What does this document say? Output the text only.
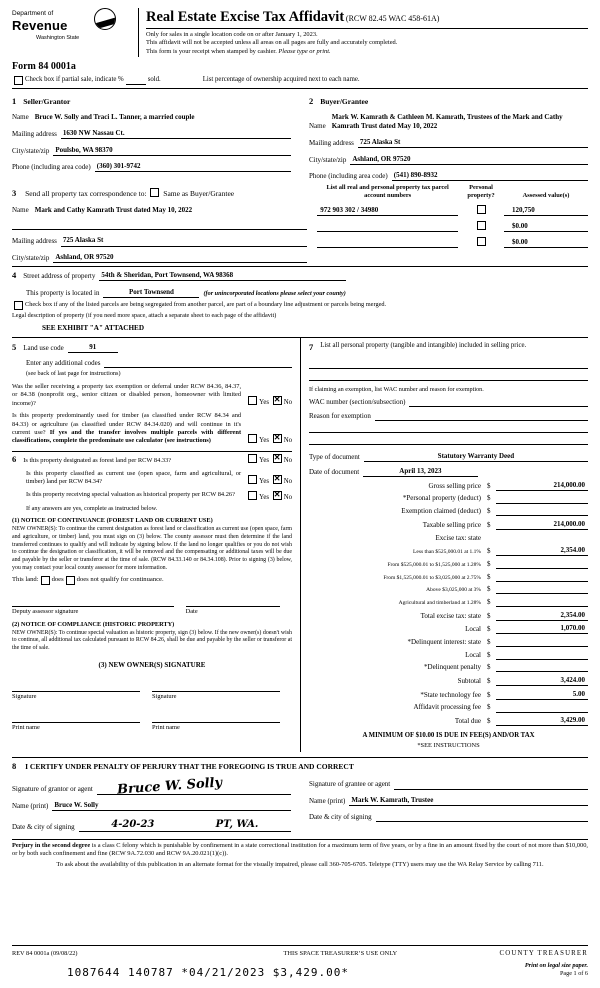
Department of
Revenue
Washington State
Real Estate Excise Tax Affidavit (RCW 82.45 WAC 458-61A)
Only for sales in a single location code on or after January 1, 2023.
This affidavit will not be accepted unless all areas on all pages are fully and accurately completed.
This form is your receipt when stamped by cashier. Please type or print.
Form 84 0001a
Check box if partial sale, indicate %	sold.	List percentage of ownership acquired next to each name.
1 Seller/Grantor
Name Bruce W. Solly and Traci L. Tanner, a married couple
Mailing address 1630 NW Nassau Ct.
City/state/zip Poulsbo, WA 98370
Phone (including area code) (360) 301-9742
2 Buyer/Grantee
Name
Mark W. Kamrath & Cathleen M. Kamrath, Trustees of the Mark and Cathy Kamrath Trust dated May 10, 2022
Mailing address 725 Alaska St
City/state/zip Ashland, OR 97520
Phone (including area code) (541) 890-8932
3 Send all property tax correspondence to: Same as Buyer/Grantee
Name Mark and Cathy Kamrath Trust dated May 10, 2022
Mailing address 725 Alaska St
City/state/zip Ashland, OR 97520
List all real and personal property tax parcel account numbers
Personal property?	Assessed value(s)
972 903 302 / 34980	120,750
$0.00
$0.00
4 Street address of property 54th & Sheridan, Port Townsend, WA 98368
This property is located in	Port Townsend	(for unincorporated locations please select your county)
Check box if any of the listed parcels are being segregated from another parcel, are part of a boundary line adjustment or parcels being merged.
Legal description of property (if you need more space, attach a separate sheet to each page of the affidavit)
SEE EXHIBIT "A" ATTACHED
5 Land use code	91
Enter any additional codes
(see back of last page for instructions)
Was the seller receiving a property tax exemption or deferral under RCW 84.36, 84.37, or 84.38 (nonprofit org., senior citizen or disabled person, homeowner with limited income)?	Yes ✕ No
Is this property predominantly used for timber (as classified under RCW 84.34 and 84.33) or agriculture (as classified under RCW 84.34.020) and will continue in it's current use? If yes and the transfer involves multiple parcels with different classifications, complete the predominate use calculator (see instructions)	Yes ✕ No
6 Is this property designated as forest land per RCW 84.33?	Yes ✕ No
Is this property classified as current use (open space, farm and agricultural, or timber) land per RCW 84.34?	Yes ✕ No
Is this property receiving special valuation as historical property per RCW 84.26?	Yes ✕ No
If any answers are yes, complete as instructed below.
(1) NOTICE OF CONTINUANCE (FOREST LAND OR CURRENT USE)
NEW OWNER(S): To continue the current designation as forest land or classification as current use (open space, farm and agriculture, or timber) land, you must sign on (3) below. The county assessor must then determine if the land transferred continues to qualify and will indicate by signing below. If the land no longer qualifies or you do not wish to continue the designation or classification, it will be removed and the compensating or additional taxes will be due and payable by the seller or transferor at the time of sale. (RCW 84.33.140 or 84.34.108). Prior to signing (3) below, you may contact your local county assessor for more information.
This land: does does not qualify for continuance.
Deputy assessor signature	Date
(2) NOTICE OF COMPLIANCE (HISTORIC PROPERTY)
NEW OWNER(S): To continue special valuation as historic property, sign (3) below. If the new owner(s) doesn't wish to continue, all additional tax calculated pursuant to RCW 84.26, shall be due and payable by the seller or transferor at the time of sale.
(3) NEW OWNER(S) SIGNATURE
Signature	Signature
Print name	Print name
7 List all personal property (tangible and intangible) included in selling price.
If claiming an exemption, list WAC number and reason for exemption.
WAC number (section/subsection)
Reason for exemption
Type of document	Statutory Warranty Deed
Date of document	April 13, 2023
Gross selling price $	214,000.00
*Personal property (deduct) $
Exemption claimed (deduct) $
Taxable selling price $	214,000.00
Excise tax: state
Less than $525,000.01 at 1.1% $	2,354.00
From $525,000.01 to $1,525,000 at 1.28% $
From $1,525,000.01 to $3,025,000 at 2.75% $
Above $3,025,000 at 3% $
Agricultural and timberland at 1.28% $
Total excise tax: state $	2,354.00
Local $	1,070.00
*Delinquent interest: state $
Local $
*Delinquent penalty $
Subtotal $	3,424.00
*State technology fee $	5.00
Affidavit processing fee $
Total due $	3,429.00
A MINIMUM OF $10.00 IS DUE IN FEE(S) AND/OR TAX
*SEE INSTRUCTIONS
8 I CERTIFY UNDER PENALTY OF PERJURY THAT THE FOREGOING IS TRUE AND CORRECT
Signature of grantor or agent	Bruce W. Solly
Name (print) Bruce W. Solly
Date & city of signing	4-20-23	PT, WA.
Signature of grantee or agent
Name (print) Mark W. Kamrath, Trustee
Date & city of signing
Perjury in the second degree is a class C felony which is punishable by confinement in a state correctional institution for a maximum term of five years, or by a fine in an amount fixed by the court of not more than $10,000, or by both such confinement and fine (RCW 9A.72.030 and RCW 9A.20.021(1)(c)).
To ask about the availability of this publication in an alternate format for the visually impaired, please call 360-705-6705. Teletype (TTY) users may use the WA Relay Service by calling 711.
REV 84 0001a (09/08/22)
1087644 140787 *04/21/2023 $3,429.00*
THIS SPACE TREASURER’S USE ONLY	COUNTY TREASURER
Print on legal size paper.
Page 1 of 6
